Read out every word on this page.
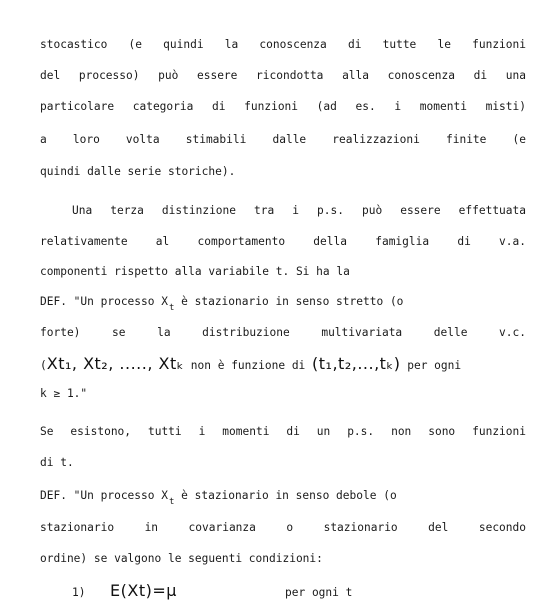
stocastico (e quindi la conoscenza di tutte le funzioni
del processo) può essere ricondotta alla conoscenza di una
particolare categoria di funzioni (ad es. i momenti misti)
a loro volta stimabili dalle realizzazioni finite (e
quindi dalle serie storiche).
Una terza distinzione tra i p.s. può essere effettuata
relativamente al comportamento della famiglia di v.a.
componenti rispetto alla variabile t. Si ha la
DEF. "Un processo $X_t$ è stazionario in senso stretto (o
forte) se la distribuzione multivariata delle v.c.
(Xt₁, Xt₂, ....., Xtₖ non è funzione di (t₁,t₂,...,tₖ) per ogni
k ≥ 1."
Se esistono, tutti i momenti di un p.s. non sono funzioni
di t.
DEF. "Un processo $X_t$ è stazionario in senso debole (o
stazionario in covarianza o stazionario del secondo
ordine) se valgono le seguenti condizioni:
1) E(Xt)=μ	per ogni t
